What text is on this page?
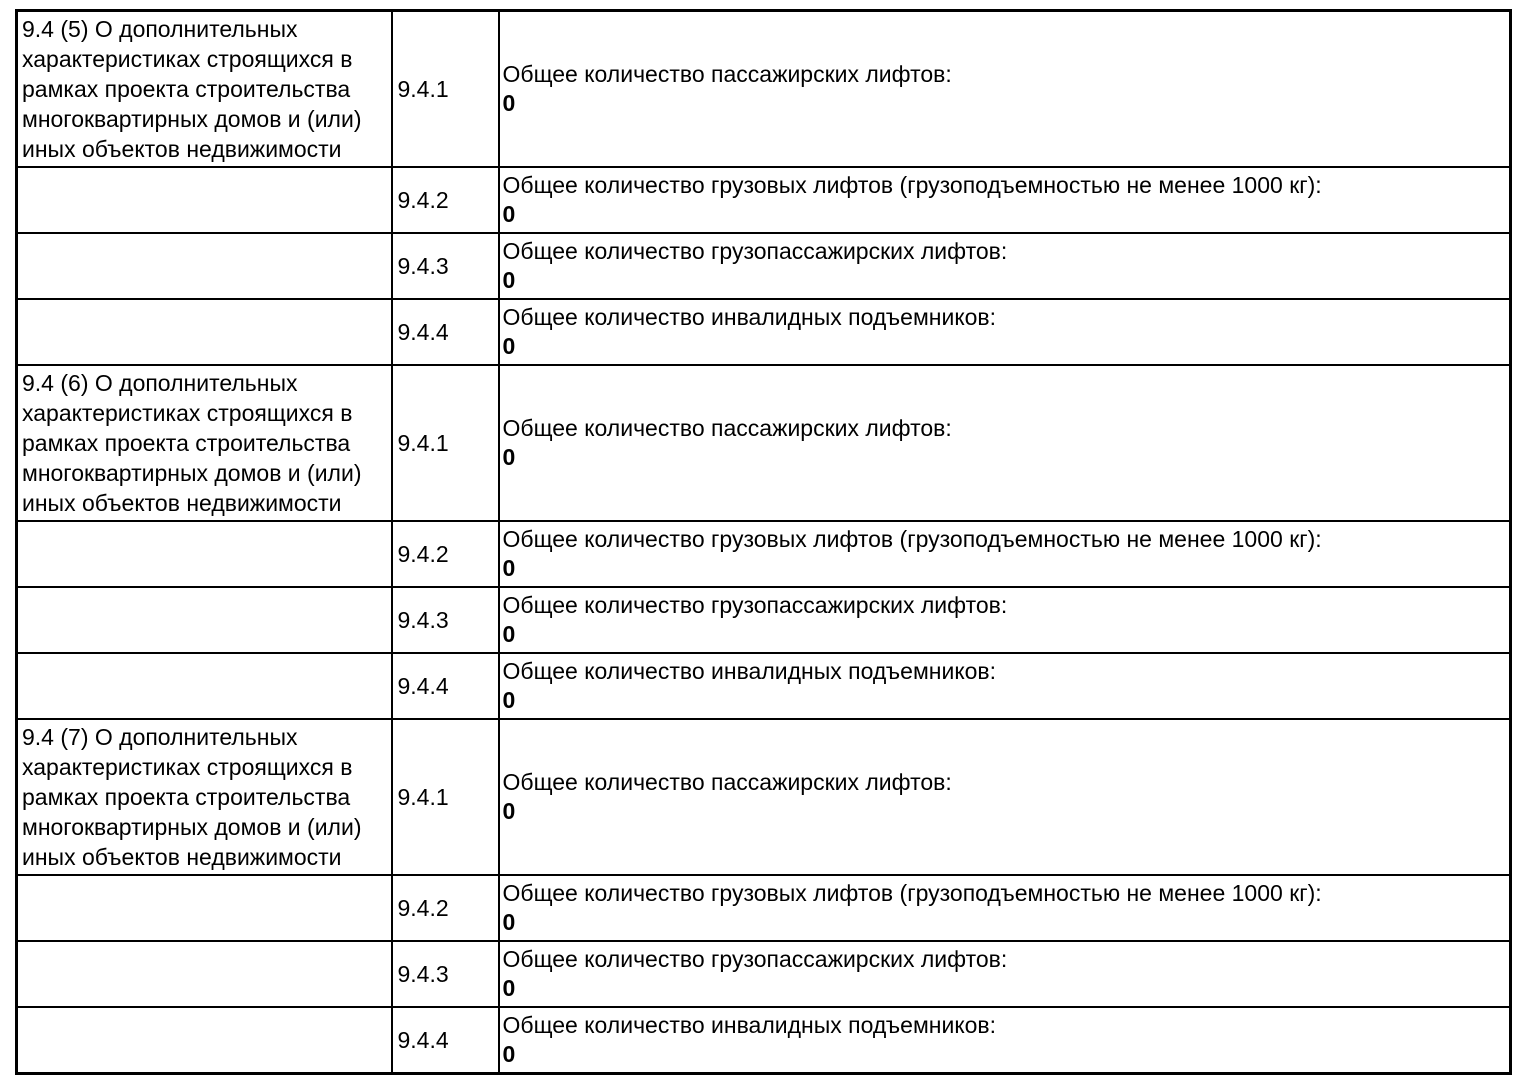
9.4 (5) О дополнительных характеристиках строящихся в рамках проекта строительства многоквартирных домов и (или) иных объектов недвижимости	9.4.1	Общее количество пассажирских лифтов:
0

	9.4.2	Общее количество грузовых лифтов (грузоподъемностью не менее 1000 кг):
0

	9.4.3	Общее количество грузопассажирских лифтов:
0

	9.4.4	Общее количество инвалидных подъемников:
0

9.4 (6) О дополнительных характеристиках строящихся в рамках проекта строительства многоквартирных домов и (или) иных объектов недвижимости	9.4.1	Общее количество пассажирских лифтов:
0

	9.4.2	Общее количество грузовых лифтов (грузоподъемностью не менее 1000 кг):
0

	9.4.3	Общее количество грузопассажирских лифтов:
0

	9.4.4	Общее количество инвалидных подъемников:
0

9.4 (7) О дополнительных характеристиках строящихся в рамках проекта строительства многоквартирных домов и (или) иных объектов недвижимости	9.4.1	Общее количество пассажирских лифтов:
0

	9.4.2	Общее количество грузовых лифтов (грузоподъемностью не менее 1000 кг):
0

	9.4.3	Общее количество грузопассажирских лифтов:
0

	9.4.4	Общее количество инвалидных подъемников:
0
